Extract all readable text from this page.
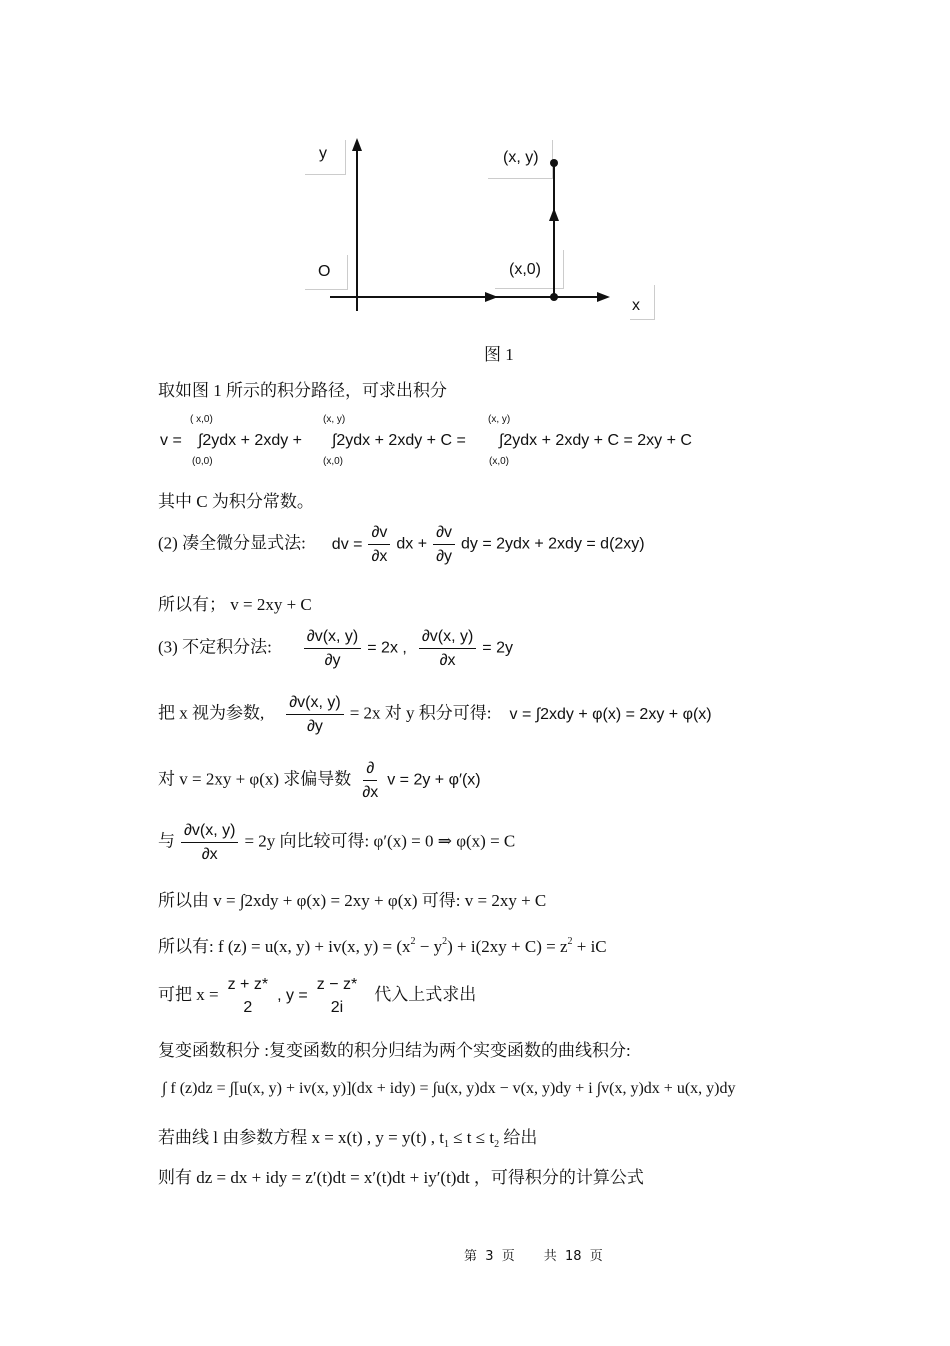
y
O
(x, y)
(x,0)
x
图 1
取如图 1 所示的积分路径，可求出积分
v =
( x,0)
(0,0)
∫2ydx + 2xdy +
(x, y)
(x,0)
∫2ydx + 2xdy + C =
(x, y)
(x,0)
∫2ydx + 2xdy + C = 2xy + C
其中 C 为积分常数。
(2) 凑全微分显式法: dv = $\frac{\partial v}{\partial x}$ dx + $\frac{\partial v}{\partial y}$ dy = 2ydx + 2xdy = d(2xy)
所以有； v = 2xy + C
(3) 不定积分法: $\frac{\partial v(x, y)}{\partial y} = 2x$ , $\frac{\partial v(x, y)}{\partial x} = 2y$
把 x 视为参数, $\frac{\partial v(x, y)}{\partial y} = 2x$ 对 y 积分可得: v = ∫2xdy + φ(x) = 2xy + φ(x)
对 v = 2xy + φ(x) 求偏导数 $\frac{\partial}{\partial x}$ v = 2y + φ′(x)
与 $\frac{\partial v(x, y)}{\partial x} = 2y$ 向比较可得: φ′(x) = 0 ⇒ φ(x) = C
所以由 v = ∫2xdy + φ(x) = 2xy + φ(x) 可得: v = 2xy + C
所以有: f (z) = u(x, y) + iv(x, $y) = (x^2 - y^2) + i(2xy + C) = z^2$ + iC
可把 x =
z + z*
2
, y =
z − z*
2i
代入上式求出
复变函数积分 :复变函数的积分归结为两个实变函数的曲线积分:
∫ f (z)dz = ∫[u(x, y) + iv(x, y)](dx + idy) = ∫u(x, y)dx − v(x, y)dy + i ∫v(x, y)dx + u(x, y)dy
若曲线 l 由参数方程 x = x(t) , y = y(t) , $t_1 \le t \le t_2$ 给出
则有 dz = dx + idy = z′(t)dt = x′(t)dt + iy′(t)dt ，可得积分的计算公式
第  3  页       共  18  页
